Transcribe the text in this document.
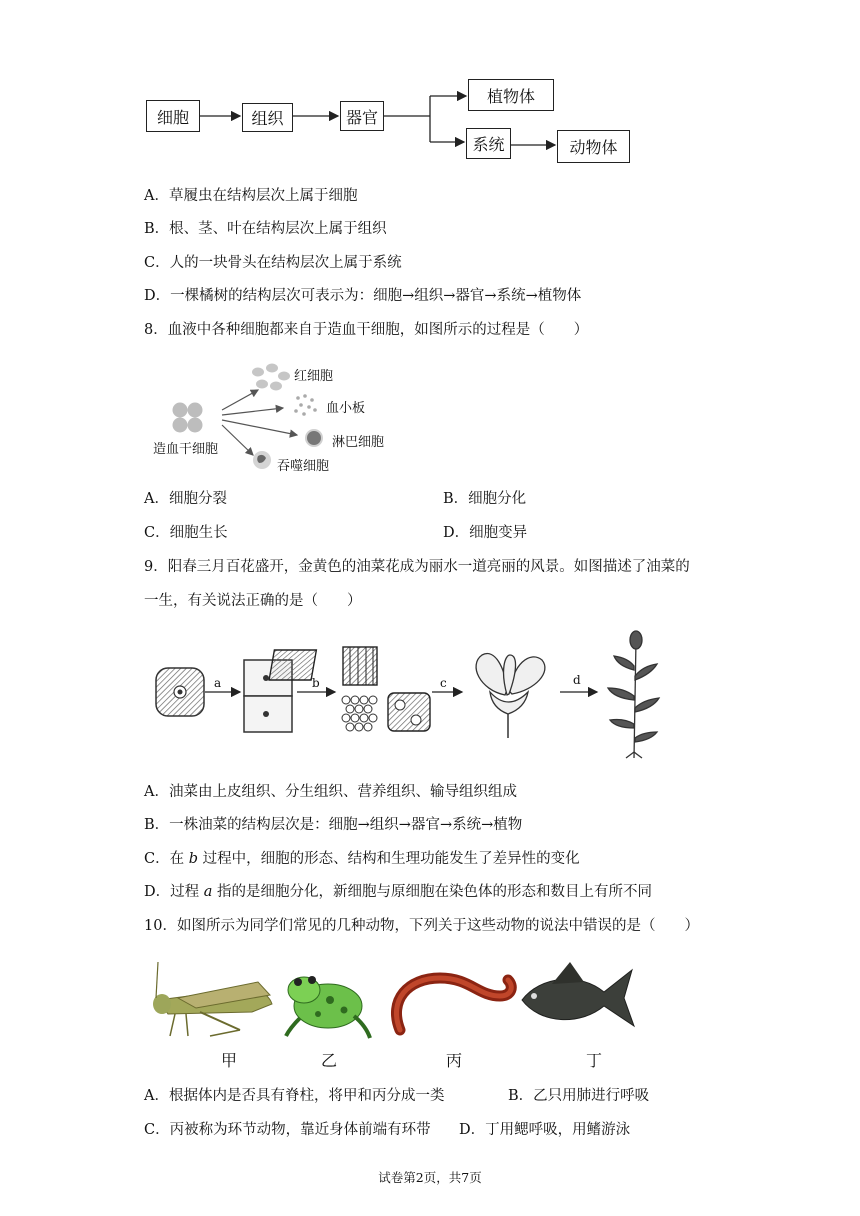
细胞	组织	器官
植物体
系统	动物体
A．草履虫在结构层次上属于细胞
B．根、茎、叶在结构层次上属于组织
C．人的一块骨头在结构层次上属于系统
D．一棵橘树的结构层次可表示为：细胞→组织→器官→系统→植物体
8．血液中各种细胞都来自于造血干细胞，如图所示的过程是（　　）
红细胞
血小板
淋巴细胞
造血干细胞
吞噬细胞
A．细胞分裂	B．细胞分化
C．细胞生长	D．细胞变异
9．阳春三月百花盛开，金黄色的油菜花成为丽水一道亮丽的风景。如图描述了油菜的
一生，有关说法正确的是（　　）
a	b	c	d
A．油菜由上皮组织、分生组织、营养组织、输导组织组成
B．一株油菜的结构层次是：细胞→组织→器官→系统→植物
C．在 b 过程中，细胞的形态、结构和生理功能发生了差异性的变化
D．过程 a 指的是细胞分化，新细胞与原细胞在染色体的形态和数目上有所不同
10．如图所示为同学们常见的几种动物，下列关于这些动物的说法中错误的是（　　）
甲	乙	丙	丁
A．根据体内是否具有脊柱，将甲和丙分成一类	B．乙只用肺进行呼吸
C．丙被称为环节动物，靠近身体前端有环带 D．丁用鳃呼吸，用鳍游泳
试卷第2页，共7页
